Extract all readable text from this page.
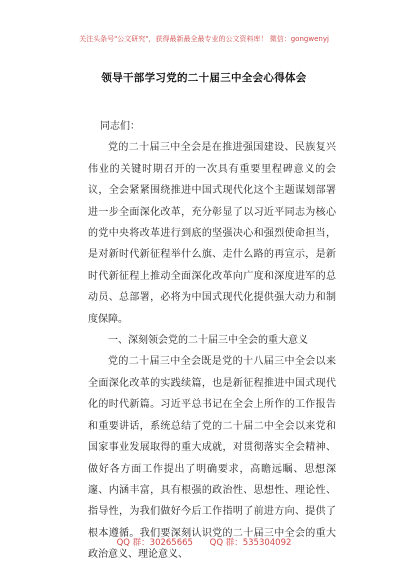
关注头条号"公文研究"，获得最新最全最专业的公文资料库！ 微信：gongwenyj
领导干部学习党的二十届三中全会心得体会

同志们：

党的二十届三中全会是在推进强国建设、民族复兴伟业的关键时期召开的一次具有重要里程碑意义的会议，全会紧紧围绕推进中国式现代化这个主题谋划部署进一步全面深化改革，充分彰显了以习近平同志为核心的党中央将改革进行到底的坚强决心和强烈使命担当，是对新时代新征程举什么旗、走什么路的再宣示，是新时代新征程上推动全面深化改革向广度和深度进军的总动员、总部署，必将为中国式现代化提供强大动力和制度保障。

一、深刻领会党的二十届三中全会的重大意义

党的二十届三中全会既是党的十八届三中全会以来全面深化改革的实践续篇，也是新征程推进中国式现代化的时代新篇。习近平总书记在全会上所作的工作报告和重要讲话，系统总结了党的二十届二中全会以来党和国家事业发展取得的重大成就，对贯彻落实全会精神、做好各方面工作提出了明确要求，高瞻远瞩、思想深邃、内涵丰富，具有根强的政治性、思想性、理论性、指导性，为我们做好今后工作指明了前进方向、提供了根本遵循。我们要深刻认识党的二十届三中全会的重大政治意义、理论意义、

QQ 群：30265665 QQ 群：535304092
